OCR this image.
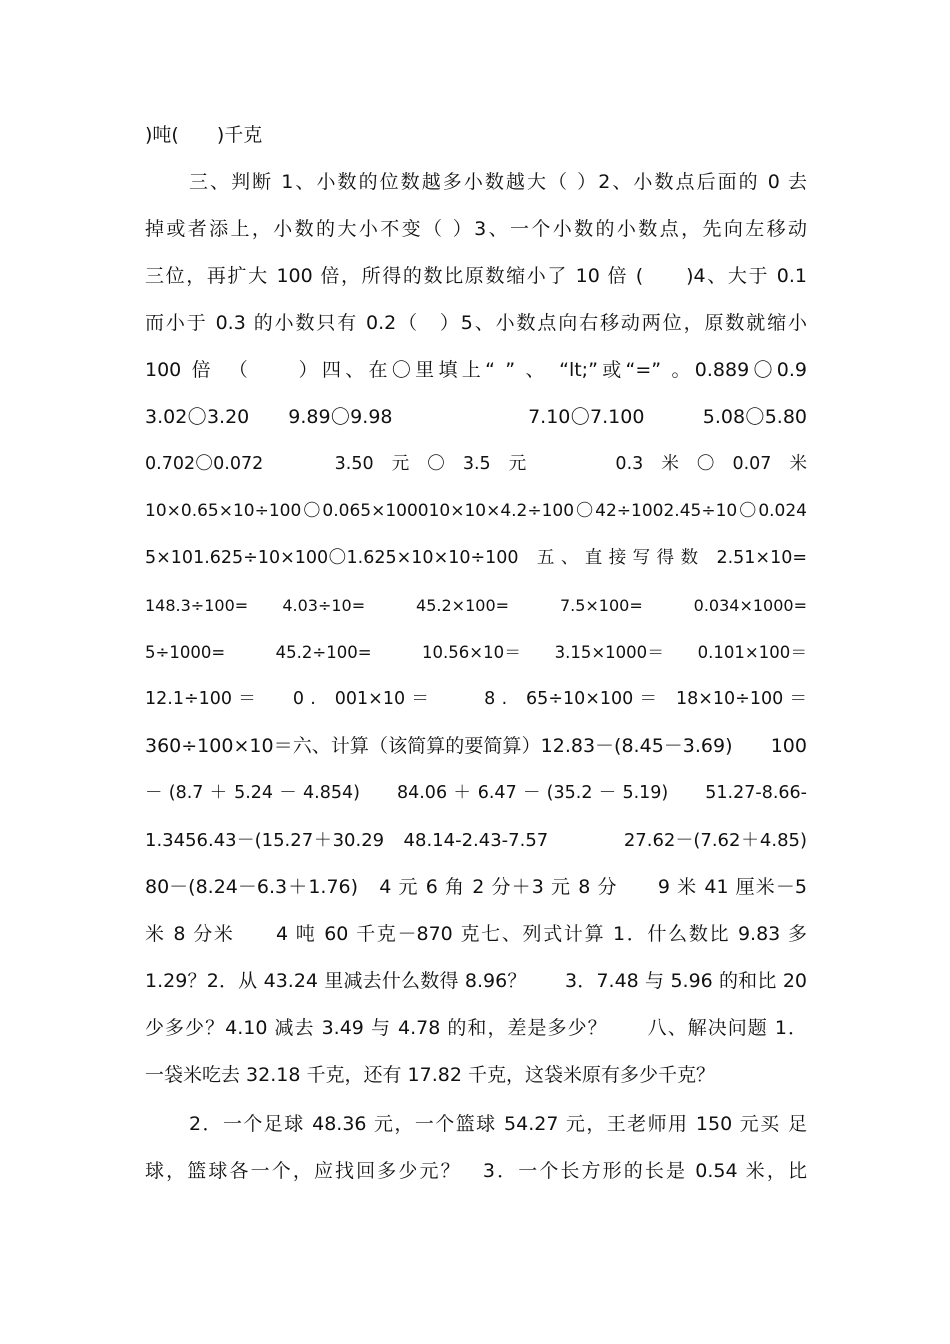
)吨(　　)千克
三、判断 1、小数的位数越多小数越大（ ）2、小数点后面的 0 去
掉或者添上，小数的大小不变（ ）3、一个小数的小数点，先向左移动
三位，再扩大 100 倍，所得的数比原数缩小了 10 倍 (　　)4、大于 0.1
而小于 0.3 的小数只有 0.2（　）5、小数点向右移动两位，原数就缩小
100 倍　（　　）四、在〇里填上“ ” 、 “lt;”或“=” 。0.889〇0.9
3.02〇3.20　　9.89〇9.98　　　　　　　7.10〇7.100　　　5.08〇5.80
0.702〇0.072　　　　3.50　元　〇　3.5　元　　　　　0.3　米　〇　0.07　米
10×0.65×10÷100〇0.065×100010×10×4.2÷100〇42÷1002.45÷10〇0.024
5×101.625÷10×100〇1.625×10×10÷100　五 、 直 接 写 得 数　2.51×10=
148.3÷100=　　4.03÷10=　　　45.2×100=　　　7.5×100=　　　0.034×1000=
5÷1000=　　　45.2÷100=　　　10.56×10＝　　3.15×1000＝　　0.101×100＝
12.1÷100 ＝　　0 .　001×10 ＝　　　8 .　65÷10×100 ＝　18×10÷100 ＝
360÷100×10＝六、计算（该简算的要简算）12.83－(8.45－3.69)　　100
－ (8.7 ＋ 5.24 － 4.854)　　84.06 ＋ 6.47 － (35.2 － 5.19)　　51.27-8.66-
1.3456.43－(15.27＋30.29　48.14-2.43-7.57　　　　27.62－(7.62＋4.85)
80－(8.24－6.3＋1.76)　4 元 6 角 2 分＋3 元 8 分　　9 米 41 厘米－5
米 8 分米　　4 吨 60 千克－870 克七、列式计算 1．什么数比 9.83 多
1.29？2．从 43.24 里减去什么数得 8.96？　　3．7.48 与 5.96 的和比 20
少多少？4.10 减去 3.49 与 4.78 的和，差是多少？　　八、解决问题 1．
一袋米吃去 32.18 千克，还有 17.82 千克，这袋米原有多少千克？
2．一个足球 48.36 元，一个篮球 54.27 元，王老师用 150 元买 足
球，篮球各一个，应找回多少元？　3．一个长方形的长是 0.54 米，比
